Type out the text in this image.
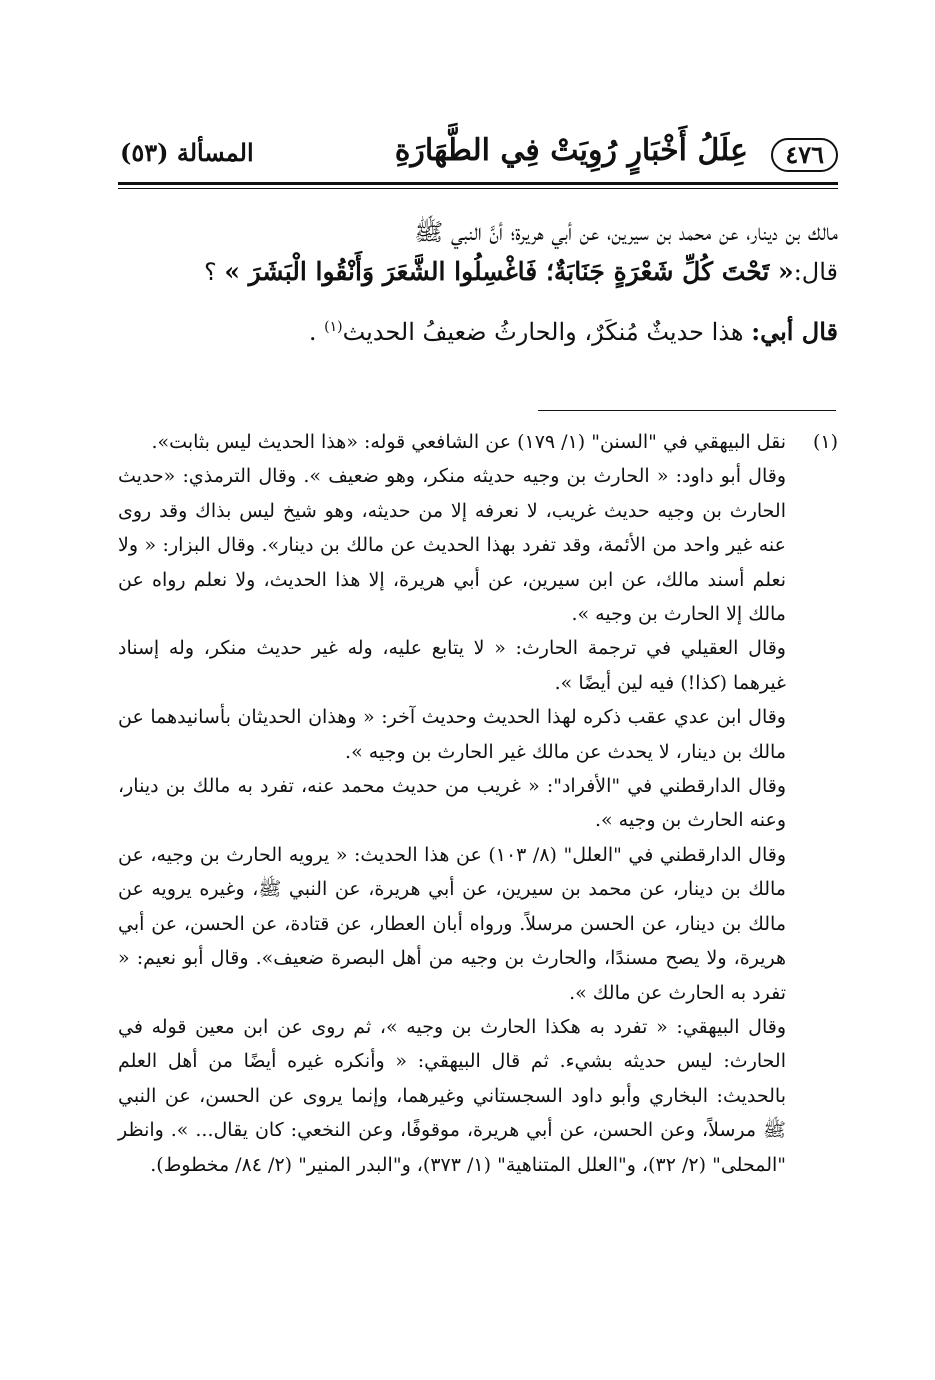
٤٧٦
عِلَلُ أَخْبَارٍ رُوِيَتْ فِي الطَّهَارَةِ
المسألة (٥٣)

مالك بن دينار، عن محمد بن سيرين، عن أبي هريرة؛ أنَّ النبي ﷺ

قال:« تَحْتَ كُلِّ شَعْرَةٍ جَنَابَةٌ؛ فَاغْسِلُوا الشَّعَرَ وَأَنْقُوا الْبَشَرَ » ؟

قال أبي: هذا حديثٌ مُنكَرٌ، والحارثُ ضعيفُ الحديث$^{(١)}$ .

(١)

نقل البيهقي في "السنن" (١/ ١٧٩) عن الشافعي قوله: «هذا الحديث ليس بثابت».

وقال أبو داود: « الحارث بن وجيه حديثه منكر، وهو ضعيف ». وقال الترمذي: «حديث الحارث بن وجيه حديث غريب، لا نعرفه إلا من حديثه، وهو شيخ ليس بذاك وقد روى عنه غير واحد من الأئمة، وقد تفرد بهذا الحديث عن مالك بن دينار». وقال البزار: « ولا نعلم أسند مالك، عن ابن سيرين، عن أبي هريرة، إلا هذا الحديث، ولا نعلم رواه عن مالك إلا الحارث بن وجيه ».

وقال العقيلي في ترجمة الحارث: « لا يتابع عليه، وله غير حديث منكر، وله إسناد غيرهما (كذا!) فيه لين أيضًا ».

وقال ابن عدي عقب ذكره لهذا الحديث وحديث آخر: « وهذان الحديثان بأسانيدهما عن مالك بن دينار، لا يحدث عن مالك غير الحارث بن وجيه ».

وقال الدارقطني في "الأفراد": « غريب من حديث محمد عنه، تفرد به مالك بن دينار، وعنه الحارث بن وجيه ».

وقال الدارقطني في "العلل" (٨/ ١٠٣) عن هذا الحديث: « يرويه الحارث بن وجيه، عن مالك بن دينار، عن محمد بن سيرين، عن أبي هريرة، عن النبي ﷺ، وغيره يرويه عن مالك بن دينار، عن الحسن مرسلاً. ورواه أبان العطار، عن قتادة، عن الحسن، عن أبي هريرة، ولا يصح مسندًا، والحارث بن وجيه من أهل البصرة ضعيف». وقال أبو نعيم: « تفرد به الحارث عن مالك ».

وقال البيهقي: « تفرد به هكذا الحارث بن وجيه »، ثم روى عن ابن معين قوله في الحارث: ليس حديثه بشيء. ثم قال البيهقي: « وأنكره غيره أيضًا من أهل العلم بالحديث: البخاري وأبو داود السجستاني وغيرهما، وإنما يروى عن الحسن، عن النبي ﷺ مرسلاً، وعن الحسن، عن أبي هريرة، موقوفًا، وعن النخعي: كان يقال... ». وانظر "المحلى" (٢/ ٣٢)، و"العلل المتناهية" (١/ ٣٧٣)، و"البدر المنير" (٢/ ٨٤/ مخطوط).
